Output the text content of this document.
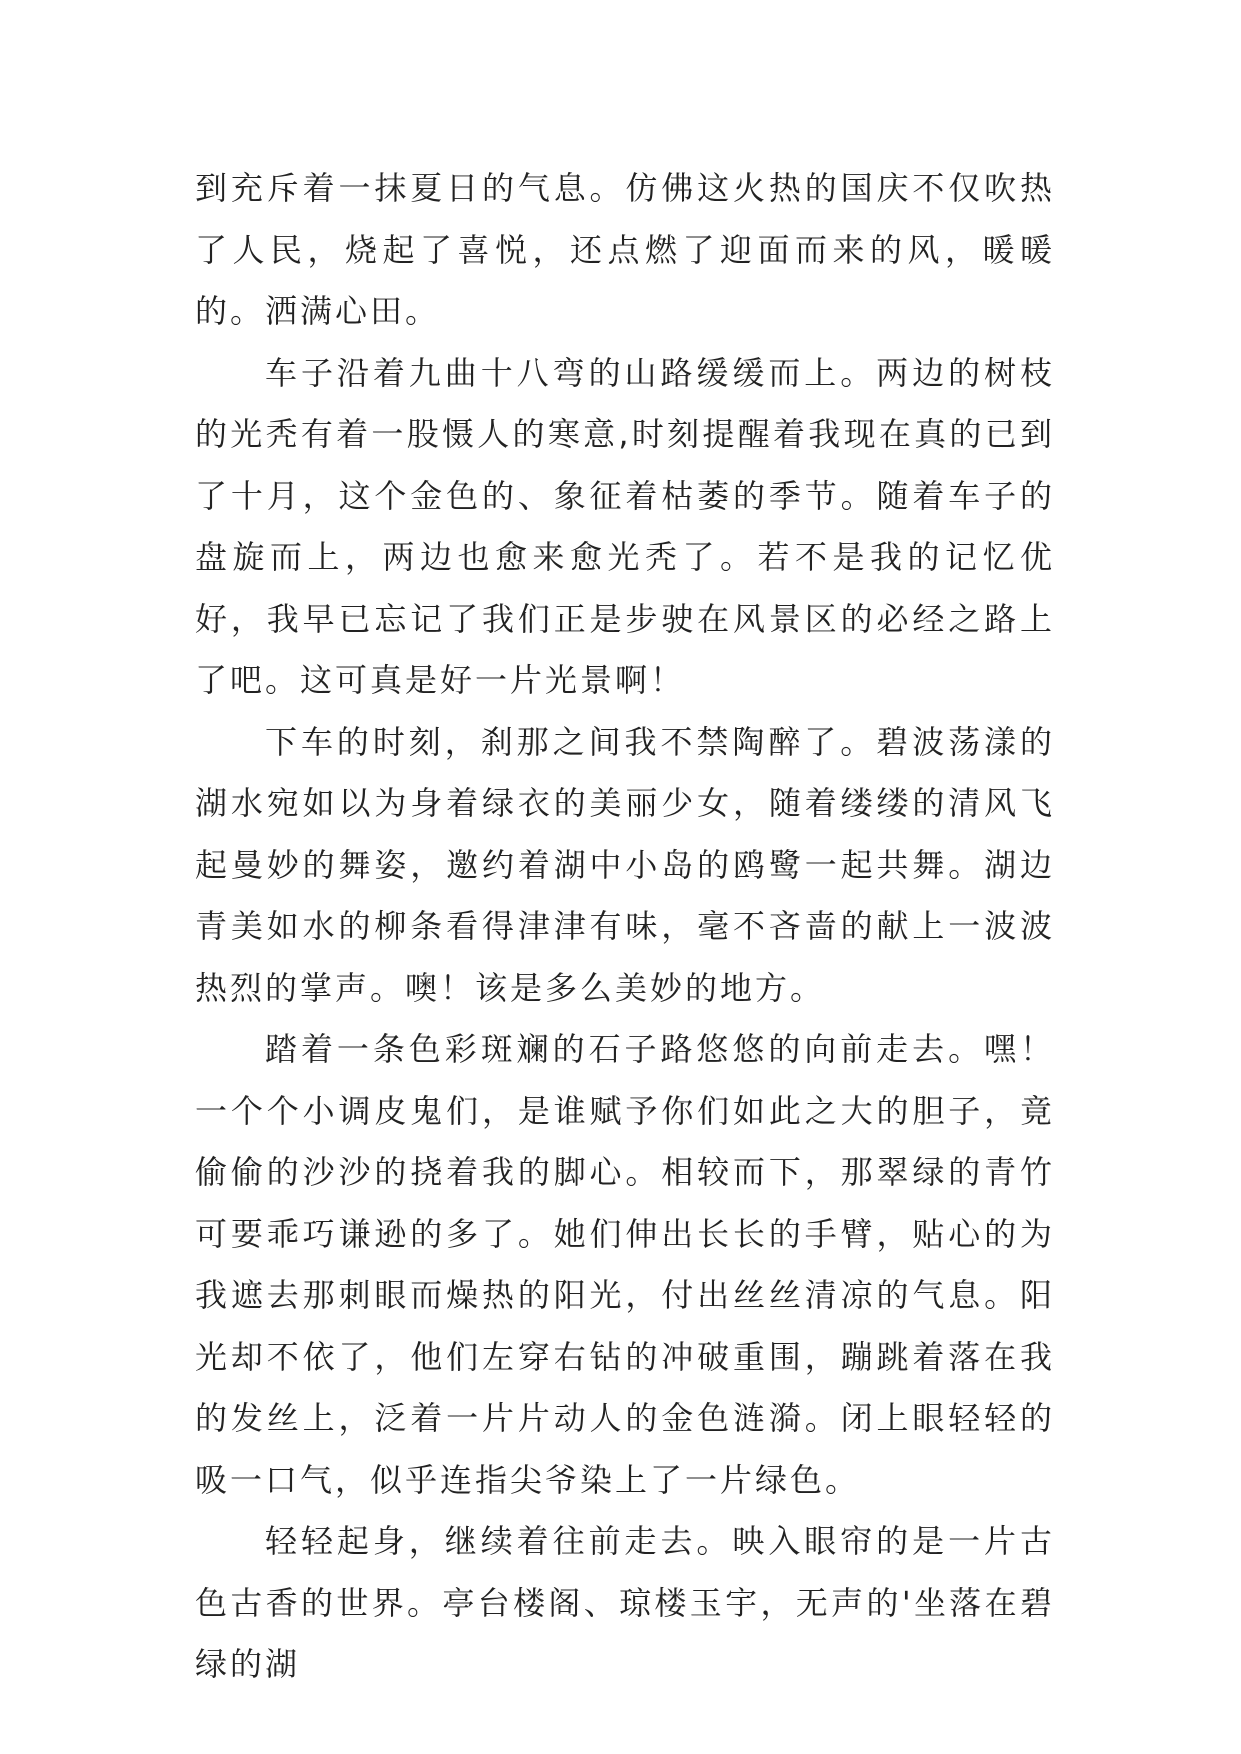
到充斥着一抹夏日的气息。仿佛这火热的国庆不仅吹热了人民，烧起了喜悦，还点燃了迎面而来的风，暖暖的。洒满心田。

车子沿着九曲十八弯的山路缓缓而上。两边的树枝的光秃有着一股慑人的寒意,时刻提醒着我现在真的已到了十月，这个金色的、象征着枯萎的季节。随着车子的盘旋而上，两边也愈来愈光秃了。若不是我的记忆优好，我早已忘记了我们正是步驶在风景区的必经之路上了吧。这可真是好一片光景啊！

下车的时刻，刹那之间我不禁陶醉了。碧波荡漾的湖水宛如以为身着绿衣的美丽少女，随着缕缕的清风飞起曼妙的舞姿，邀约着湖中小岛的鸥鹭一起共舞。湖边青美如水的柳条看得津津有味，毫不吝啬的献上一波波热烈的掌声。噢！该是多么美妙的地方。

踏着一条色彩斑斓的石子路悠悠的向前走去。嘿！一个个小调皮鬼们，是谁赋予你们如此之大的胆子，竟偷偷的沙沙的挠着我的脚心。相较而下，那翠绿的青竹可要乖巧谦逊的多了。她们伸出长长的手臂，贴心的为我遮去那刺眼而燥热的阳光，付出丝丝清凉的气息。阳光却不依了，他们左穿右钻的冲破重围，蹦跳着落在我的发丝上，泛着一片片动人的金色涟漪。闭上眼轻轻的吸一口气，似乎连指尖爷染上了一片绿色。

轻轻起身，继续着往前走去。映入眼帘的是一片古色古香的世界。亭台楼阁、琼楼玉宇，无声的'坐落在碧绿的湖
